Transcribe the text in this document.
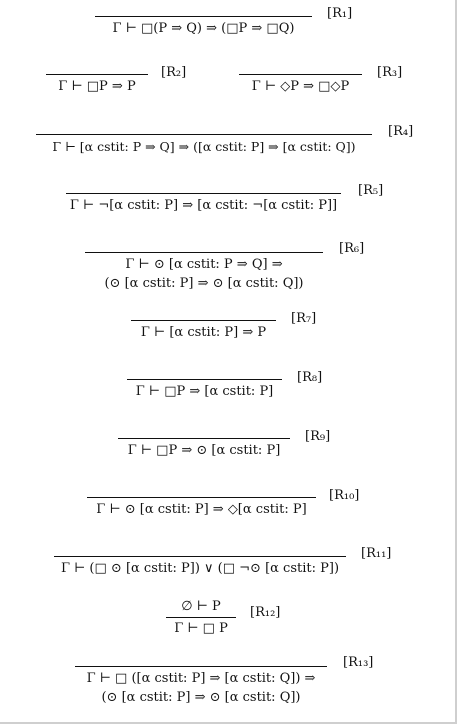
Γ ⊢ □(P ⇒ Q) ⇒ (□P ⇒ □Q)
[R₁]
Γ ⊢ □P ⇒ P
[R₂]
Γ ⊢ ◇P ⇒ □◇P
[R₃]
Γ ⊢ [α cstit: P ⇒ Q] ⇒ ([α cstit: P] ⇒ [α cstit: Q])
[R₄]
Γ ⊢ ¬[α cstit: P] ⇒ [α cstit: ¬[α cstit: P]]
[R₅]
Γ ⊢ ⊙ [α cstit: P ⇒ Q] ⇒
(⊙ [α cstit: P] ⇒ ⊙ [α cstit: Q])
[R₆]
Γ ⊢ [α cstit: P] ⇒ P
[R₇]
Γ ⊢ □P ⇒ [α cstit: P]
[R₈]
Γ ⊢ □P ⇒ ⊙ [α cstit: P]
[R₉]
Γ ⊢ ⊙ [α cstit: P] ⇒ ◇[α cstit: P]
[R₁₀]
Γ ⊢ (□ ⊙ [α cstit: P]) ∨ (□ ¬⊙ [α cstit: P])
[R₁₁]
∅ ⊢ P
Γ ⊢ □ P
[R₁₂]
Γ ⊢ □ ([α cstit: P] ⇒ [α cstit: Q]) ⇒
(⊙ [α cstit: P] ⇒ ⊙ [α cstit: Q])
[R₁₃]
